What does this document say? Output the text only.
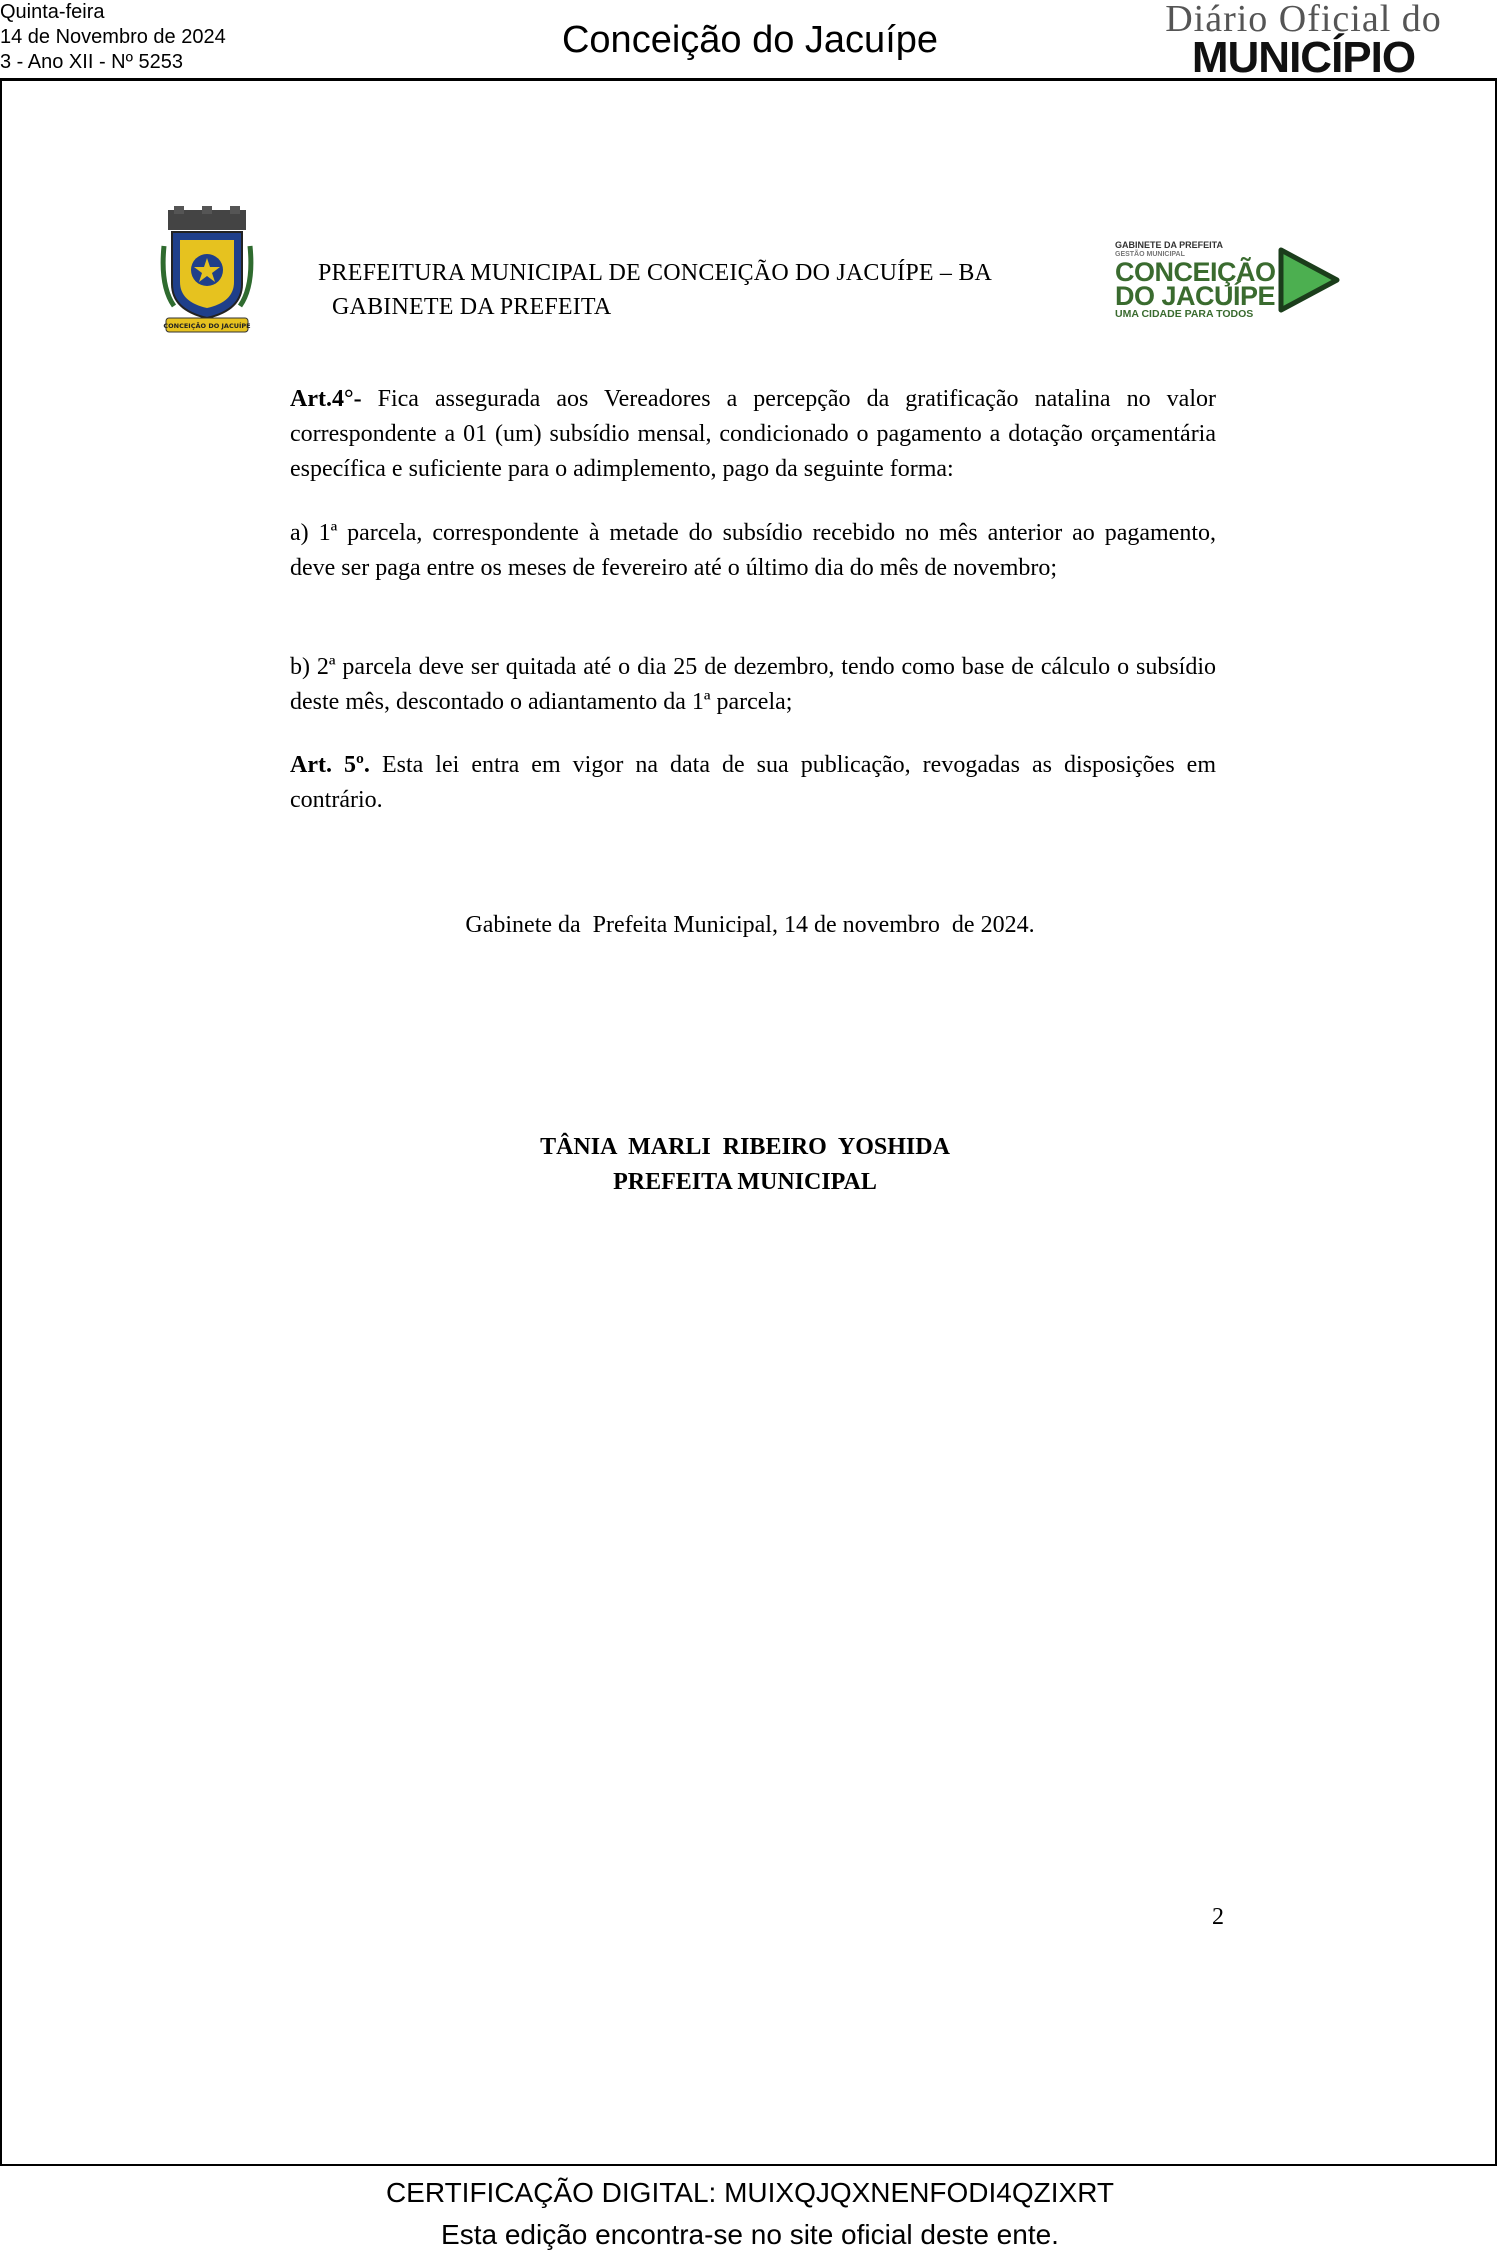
Quinta-feira
14 de Novembro de 2024
3 - Ano XII - Nº 5253
Conceição do Jacuípe	Diário Oficial do
MUNICÍPIO
CONCEIÇÃO DO JACUÍPE
PREFEITURA MUNICIPAL DE CONCEIÇÃO DO JACUÍPE – BA
GABINETE DA PREFEITA
GABINETE DA PREFEITA
GESTÃO MUNICIPAL
CONCEIÇÃO
DO JACUÍPE
UMA CIDADE PARA TODOS
Art.4°- Fica assegurada aos Vereadores a percepção da gratificação natalina no valor correspondente a 01 (um) subsídio mensal, condicionado o pagamento a dotação orçamentária específica e suficiente para o adimplemento, pago da seguinte forma:
a) 1ª parcela, correspondente à metade do subsídio recebido no mês anterior ao pagamento, deve ser paga entre os meses de fevereiro até o último dia do mês de novembro;
b) 2ª parcela deve ser quitada até o dia 25 de dezembro, tendo como base de cálculo o subsídio deste mês, descontado o adiantamento da 1ª parcela;
Art. 5º. Esta lei entra em vigor na data de sua publicação, revogadas as disposições em contrário.
Gabinete da  Prefeita Municipal, 14 de novembro  de 2024.
TÂNIA  MARLI  RIBEIRO  YOSHIDA
PREFEITA MUNICIPAL
2
CERTIFICAÇÃO DIGITAL: MUIXQJQXNENFODI4QZIXRT
Esta edição encontra-se no site oficial deste ente.
